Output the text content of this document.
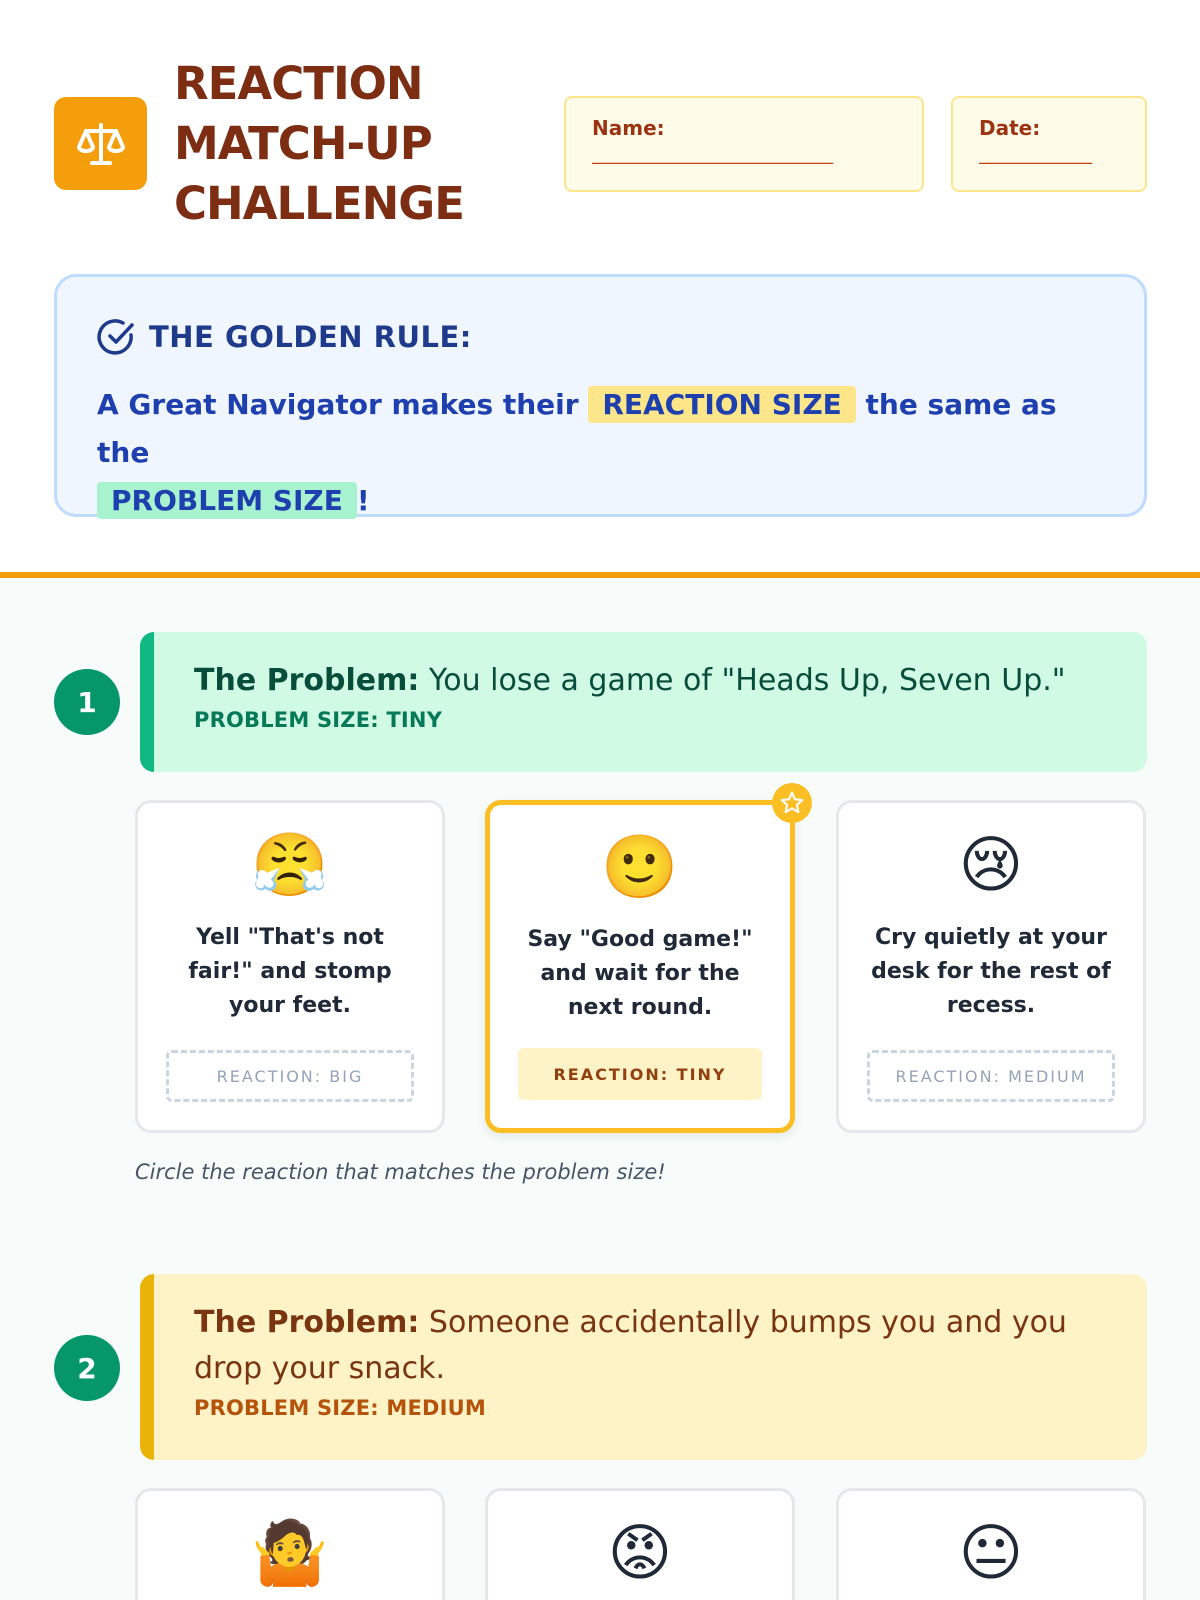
REACTION
MATCH-UP
CHALLENGE
Name:
______________________________
Date:
______________
THE GOLDEN RULE:
A Great Navigator makes their REACTION SIZE the same as the
PROBLEM SIZE !
1
The Problem: You lose a game of "Heads Up, Seven Up."
PROBLEM SIZE: TINY
😤
Yell "That's not fair!" and stomp your feet.
REACTION: BIG
🙂
Say "Good game!" and wait for the next round.
REACTION: TINY
😢
Cry quietly at your desk for the rest of recess.
REACTION: MEDIUM
Circle the reaction that matches the problem size!
2
The Problem: Someone accidentally bumps you and you drop your snack.
PROBLEM SIZE: MEDIUM
🤷	😡	😐
